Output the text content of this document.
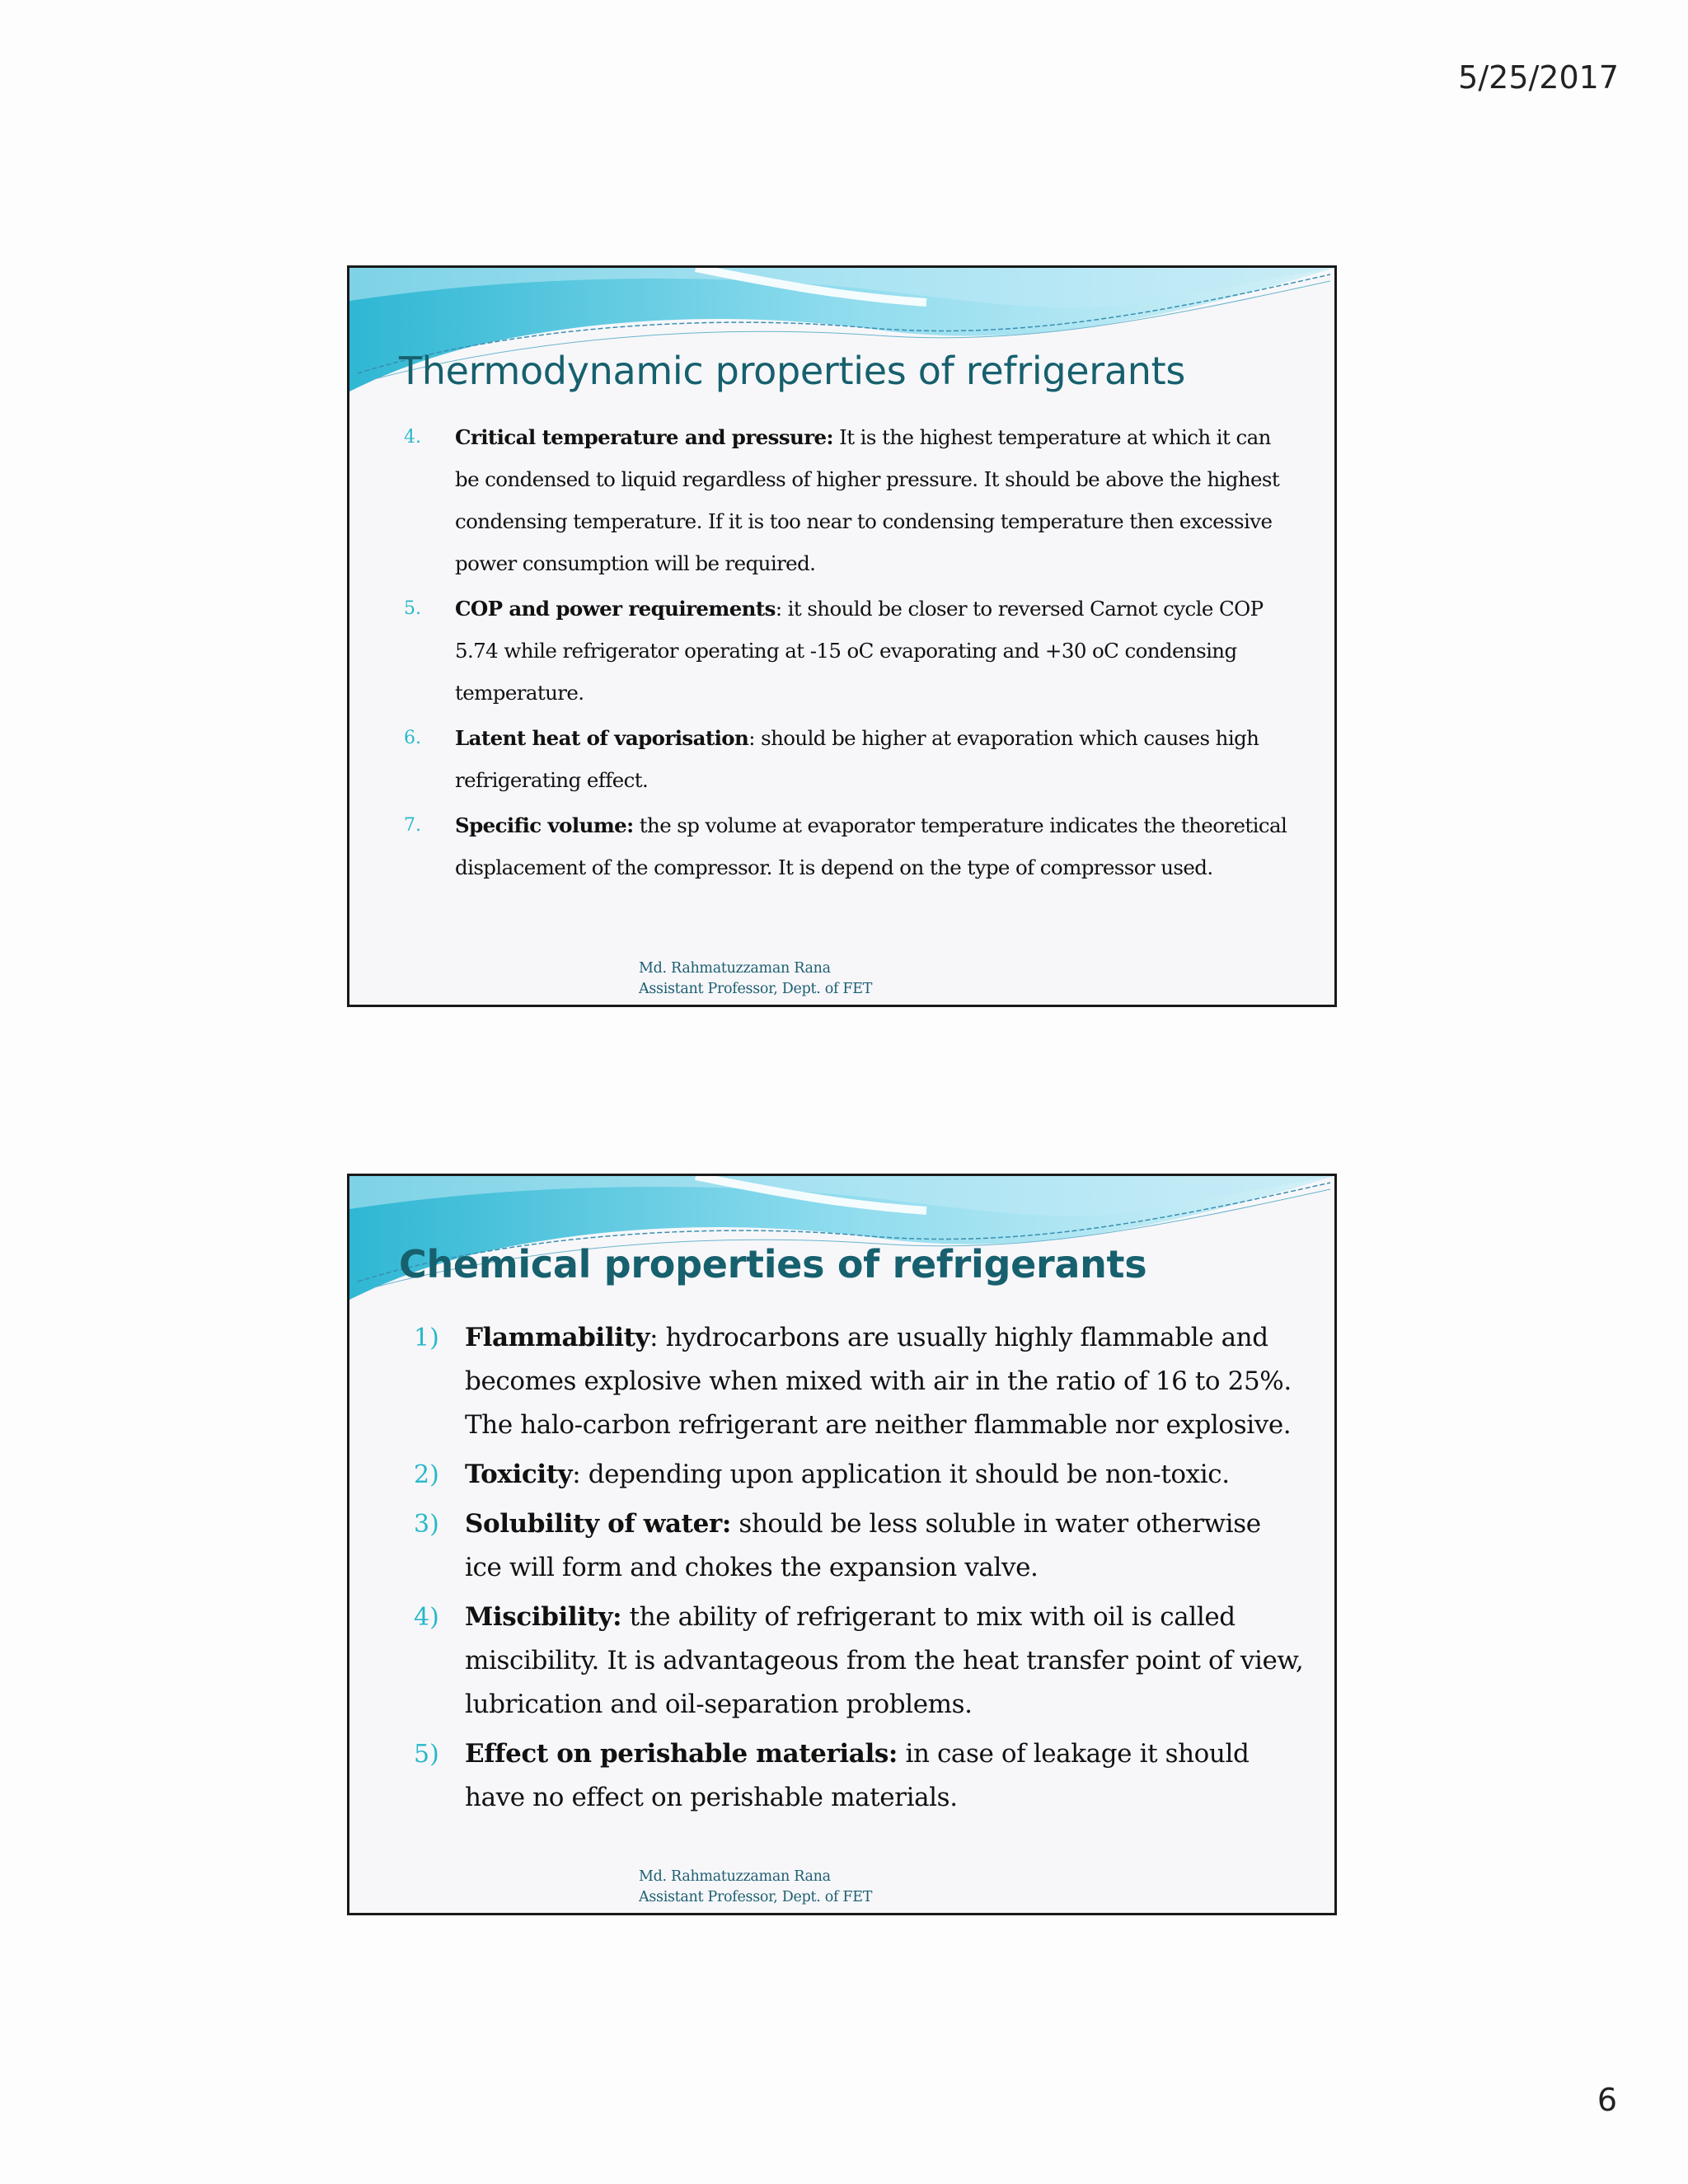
5/25/2017
Thermodynamic properties of refrigerants
4.	Critical temperature and pressure: It is the highest temperature at which it can be condensed to liquid regardless of higher pressure. It should be above the highest condensing temperature. If it is too near to condensing temperature then excessive power consumption will be required.
5.	COP and power requirements: it should be closer to reversed Carnot cycle COP 5.74 while refrigerator operating at -15 oC evaporating and +30 oC condensing temperature.
6.	Latent heat of vaporisation: should be higher at evaporation which causes high refrigerating effect.
7.	Specific volume: the sp volume at evaporator temperature indicates the theoretical displacement of the compressor. It is depend on the type of compressor used.
Md. Rahmatuzzaman Rana
Assistant Professor, Dept. of FET
Chemical properties of refrigerants
1)	Flammability: hydrocarbons are usually highly flammable and becomes explosive when mixed with air in the ratio of 16 to 25%. The halo-carbon refrigerant are neither flammable nor explosive.
2)	Toxicity: depending upon application it should be non-toxic.
3)	Solubility of water: should be less soluble in water otherwise ice will form and chokes the expansion valve.
4)	Miscibility: the ability of refrigerant to mix with oil is called miscibility. It is advantageous from the heat transfer point of view, lubrication and oil-separation problems.
5)	Effect on perishable materials: in case of leakage it should have no effect on perishable materials.
Md. Rahmatuzzaman Rana
Assistant Professor, Dept. of FET
6
